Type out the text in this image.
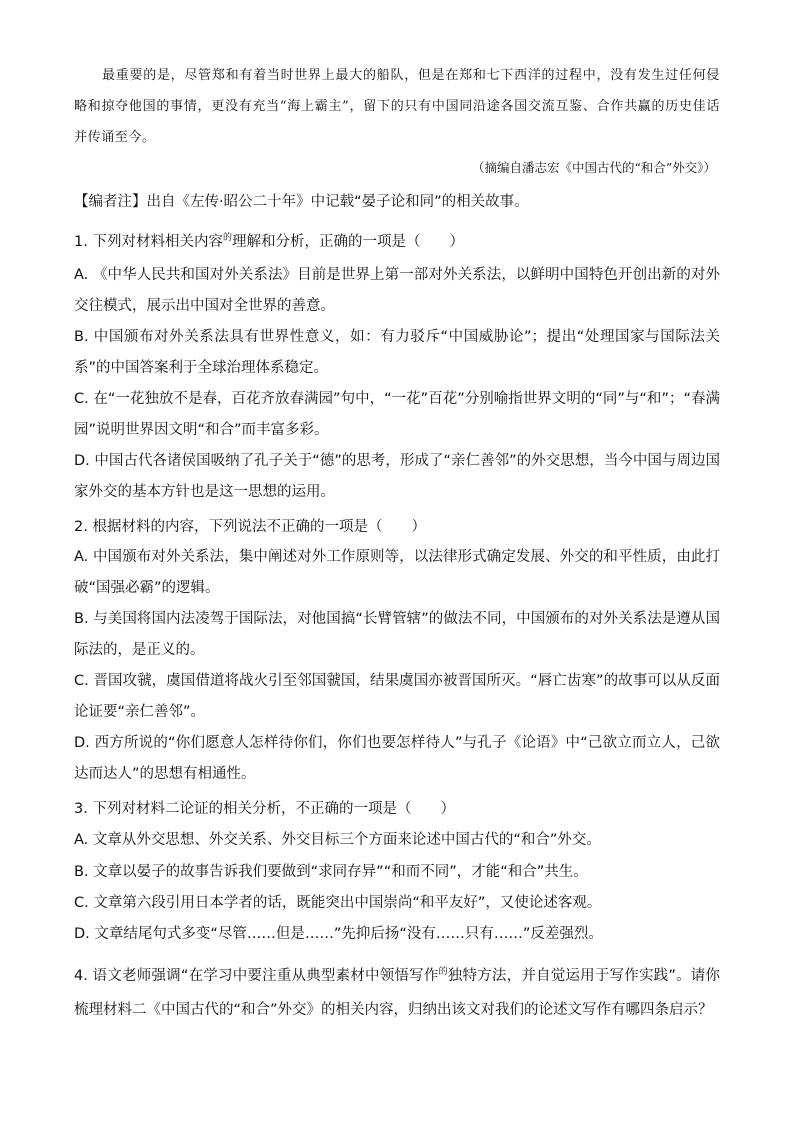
最重要的是，尽管郑和有着当时世界上最大的船队，但是在郑和七下西洋的过程中，没有发生过任何侵略和掠夺他国的事情，更没有充当“海上霸主”，留下的只有中国同沿途各国交流互鉴、合作共赢的历史佳话并传诵至今。
（摘编自潘志宏《中国古代的“和合”外交》）
【编者注】出自《左传·昭公二十年》中记载“晏子论和同”的相关故事。
1. 下列对材料相关内容$^的$理解和分析，正确的一项是（　　）
A. 《中华人民共和国对外关系法》目前是世界上第一部对外关系法，以鲜明中国特色开创出新的对外交往模式，展示出中国对全世界的善意。
B. 中国颁布对外关系法具有世界性意义，如：有力驳斥“中国威胁论”；提出“处理国家与国际法关系”的中国答案利于全球治理体系稳定。
C. 在“一花独放不是春，百花齐放春满园”句中，“一花”百花”分别喻指世界文明的“同”与“和”；“春满园”说明世界因文明“和合”而丰富多彩。
D. 中国古代各诸侯国吸纳了孔子关于“德”的思考，形成了“亲仁善邻”的外交思想，当今中国与周边国家外交的基本方针也是这一思想的运用。
2. 根据材料的内容，下列说法不正确的一项是（　　）
A. 中国颁布对外关系法，集中阐述对外工作原则等，以法律形式确定发展、外交的和平性质，由此打破“国强必霸”的逻辑。
B. 与美国将国内法凌驾于国际法，对他国搞“长臂管辖”的做法不同，中国颁布的对外关系法是遵从国际法的，是正义的。
C. 晋国攻虢，虞国借道将战火引至邻国虢国，结果虞国亦被晋国所灭。“唇亡齿寒”的故事可以从反面论证要“亲仁善邻”。
D. 西方所说的“你们愿意人怎样待你们，你们也要怎样待人”与孔子《论语》中“己欲立而立人，己欲达而达人”的思想有相通性。
3. 下列对材料二论证的相关分析，不正确的一项是（　　）
A. 文章从外交思想、外交关系、外交目标三个方面来论述中国古代的“和合”外交。
B. 文章以晏子的故事告诉我们要做到“求同存异”“和而不同”，才能“和合”共生。
C. 文章第六段引用日本学者的话，既能突出中国崇尚“和平友好”，又使论述客观。
D. 文章结尾句式多变“尽管……但是……”先抑后扬“没有……只有……”反差强烈。
4. 语文老师强调“在学习中要注重从典型素材中领悟写作$^的$独特方法，并自觉运用于写作实践”。请你梳理材料二《中国古代的“和合”外交》的相关内容，归纳出该文对我们的论述文写作有哪四条启示？
